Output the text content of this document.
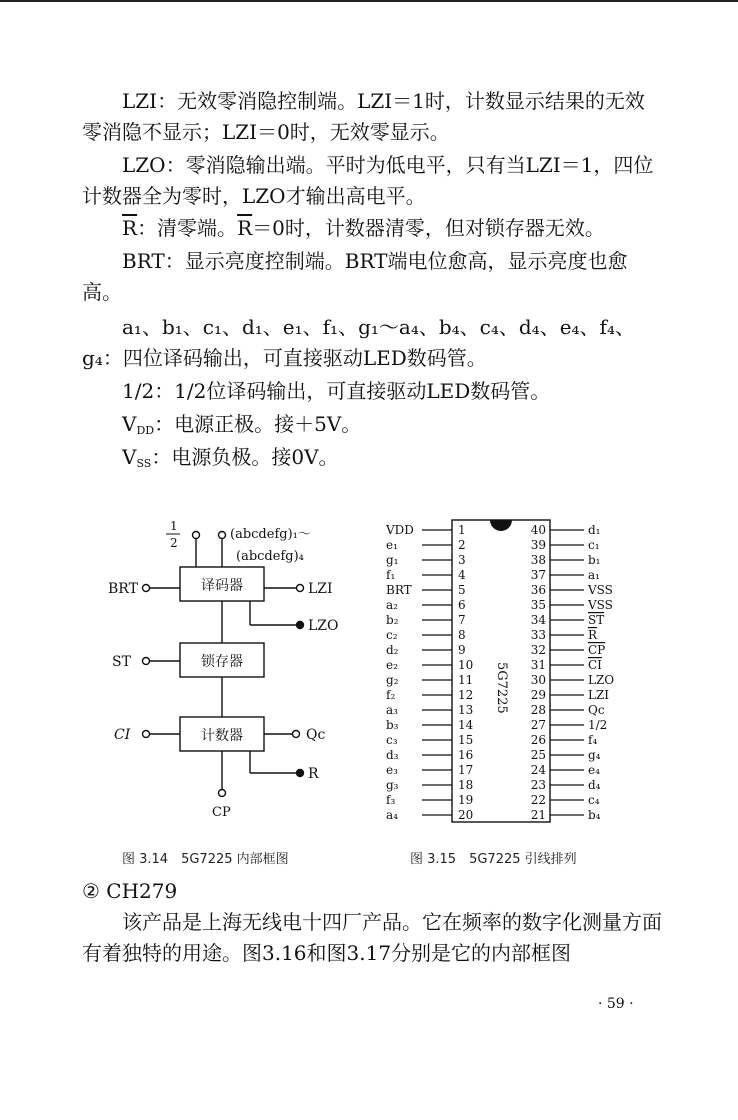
LZI：无效零消隐控制端。LZI＝1时，计数显示结果的无效零消隐不显示；LZI＝0时，无效零显示。

LZO：零消隐输出端。平时为低电平，只有当LZI＝1，四位计数器全为零时，LZO才输出高电平。

$\overline{R}$：清零端。$\overline{R}=0$时，计数器清零，但对锁存器无效。

BRT：显示亮度控制端。BRT端电位愈高，显示亮度也愈高。

a₁、b₁、c₁、d₁、e₁、f₁、g₁～a₄、b₄、c₄、d₄、e₄、f₄、g₄：四位译码输出，可直接驱动LED数码管。

1/2：1/2位译码输出，可直接驱动LED数码管。

$V_{DD}$：电源正极。接＋5V。

$V_{SS}$：电源负极。接0V。

1
2
(abcdefg)₁～
(abcdefg)₄
译码器
锁存器
计数器
BRT
ST
CI
LZI
LZO
Qc
R
CP
5G7225
VDD	1
e₁	2
g₁	3
f₁	4
BRT	5
a₂	6
b₂	7
c₂	8
d₂	9
e₂	10
g₂	11
f₂	12
a₃	13
b₃	14
c₃	15
d₃	16
e₃	17
g₃	18
f₃	19
a₄	20
40	d₁
39	c₁
38	b₁
37	a₁
36	VSS
35	VSS
34	ST
33	R
32	CP
31	CI
30	LZO
29	LZI
28	Qc
27	1/2
26	f₄
25	g₄
24	e₄
23	d₄
22	c₄
21	b₄
图 3.14　5G7225 内部框图	图 3.15　5G7225 引线排列

② CH279

该产品是上海无线电十四厂产品。它在频率的数字化测量方面有着独特的用途。图3.16和图3.17分别是它的内部框图

· 59 ·
